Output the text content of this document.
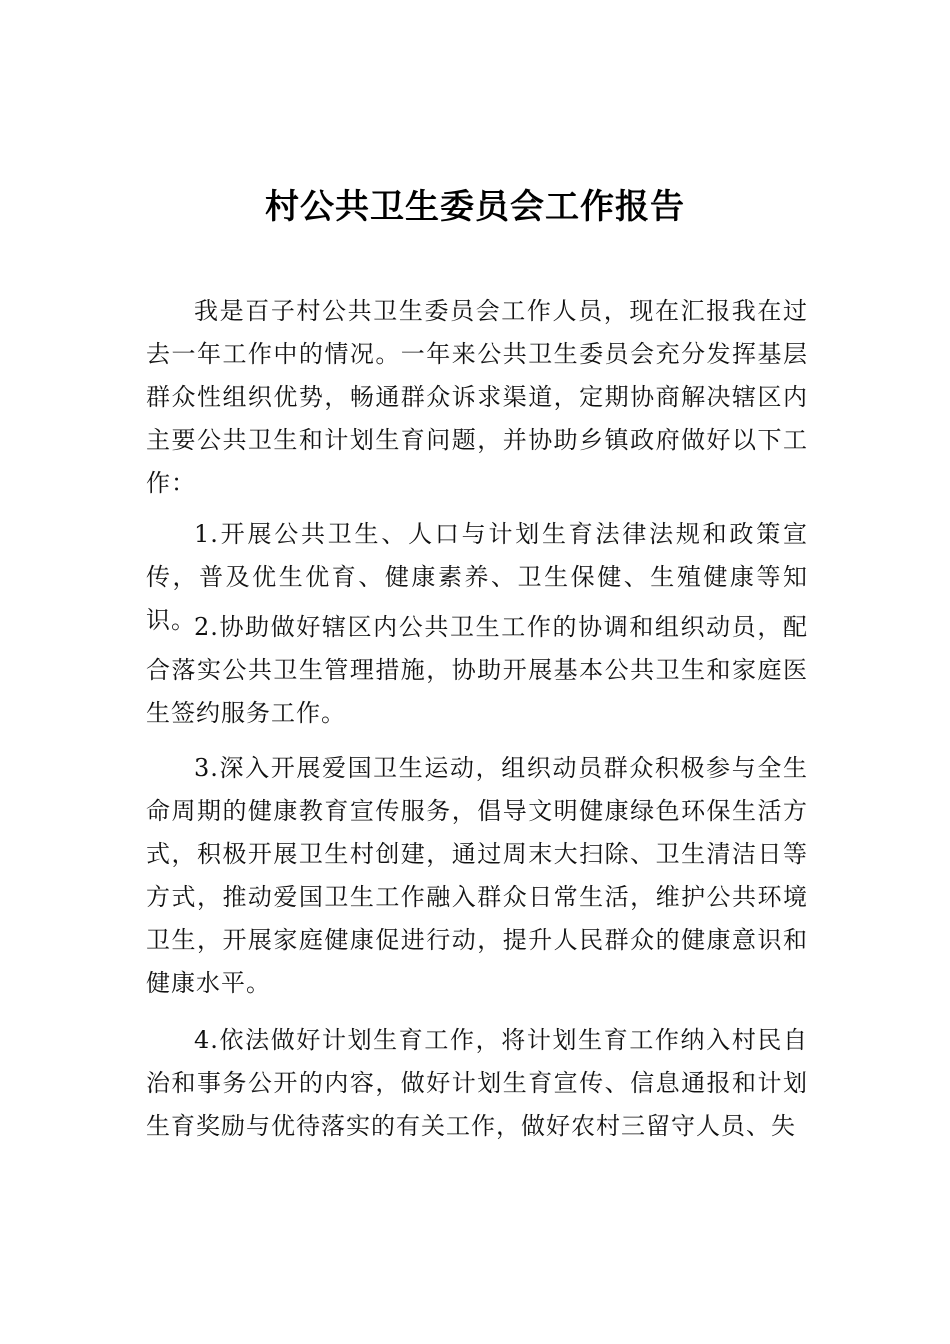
村公共卫生委员会工作报告

我是百子村公共卫生委员会工作人员，现在汇报我在过去一年工作中的情况。一年来公共卫生委员会充分发挥基层群众性组织优势，畅通群众诉求渠道，定期协商解决辖区内主要公共卫生和计划生育问题，并协助乡镇政府做好以下工作：

1.开展公共卫生、人口与计划生育法律法规和政策宣传，普及优生优育、健康素养、卫生保健、生殖健康等知识。

2.协助做好辖区内公共卫生工作的协调和组织动员，配合落实公共卫生管理措施，协助开展基本公共卫生和家庭医生签约服务工作。

3.深入开展爱国卫生运动，组织动员群众积极参与全生命周期的健康教育宣传服务，倡导文明健康绿色环保生活方式，积极开展卫生村创建，通过周末大扫除、卫生清洁日等方式，推动爱国卫生工作融入群众日常生活，维护公共环境卫生，开展家庭健康促进行动，提升人民群众的健康意识和 健康水平。

4.依法做好计划生育工作，将计划生育工作纳入村民自治和事务公开的内容，做好计划生育宣传、信息通报和计划生育奖励与优待落实的有关工作，做好农村三留守人员、失
